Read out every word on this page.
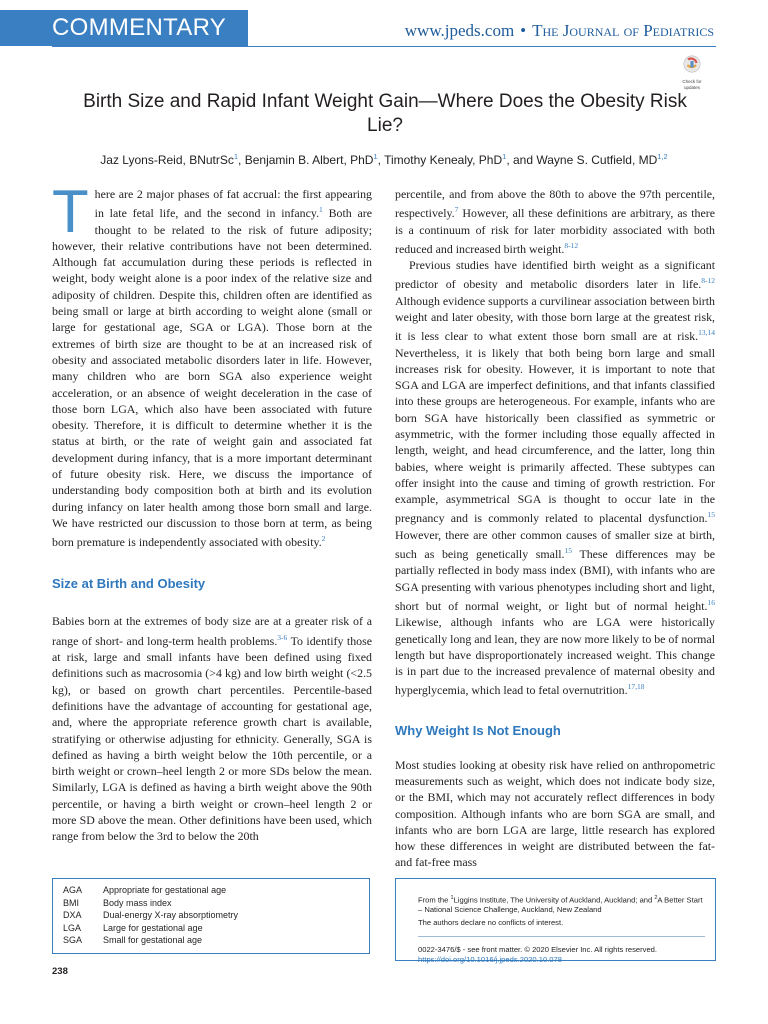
COMMENTARY	www.jpeds.com • The Journal of Pediatrics
Check for
updates
Birth Size and Rapid Infant Weight Gain—Where Does the Obesity Risk Lie?
Jaz Lyons-Reid, BNutrSc$^1$, Benjamin B. Albert, PhD$^1$, Timothy Kenealy, PhD$^1$, and Wayne S. Cutfield, MD$^{1,2}$

There are 2 major phases of fat accrual: the first appearing in late fetal life, and the second in infancy.$^1$ Both are thought to be related to the risk of future adiposity; however, their relative contributions have not been determined. Although fat accumulation during these periods is reflected in weight, body weight alone is a poor index of the relative size and adiposity of children. Despite this, children often are identified as being small or large at birth according to weight alone (small or large for gestational age, SGA or LGA). Those born at the extremes of birth size are thought to be at an increased risk of obesity and associated metabolic disorders later in life. However, many children who are born SGA also experience weight acceleration, or an absence of weight deceleration in the case of those born LGA, which also have been associated with future obesity. Therefore, it is difficult to determine whether it is the status at birth, or the rate of weight gain and associated fat development during infancy, that is a more important determinant of future obesity risk. Here, we discuss the importance of understanding body composition both at birth and its evolution during infancy on later health among those born small and large. We have restricted our discussion to those born at term, as being born premature is independently associated with obesity.$^2$

Size at Birth and Obesity

Babies born at the extremes of body size are at a greater risk of a range of short- and long-term health problems.$^{3-6}$ To identify those at risk, large and small infants have been defined using fixed definitions such as macrosomia (>4 kg) and low birth weight (<2.5 kg), or based on growth chart percentiles. Percentile-based definitions have the advantage of accounting for gestational age, and, where the appropriate reference growth chart is available, stratifying or otherwise adjusting for ethnicity. Generally, SGA is defined as having a birth weight below the 10th percentile, or a birth weight or crown–heel length 2 or more SDs below the mean. Similarly, LGA is defined as having a birth weight above the 90th percentile, or having a birth weight or crown–heel length 2 or more SD above the mean. Other definitions have been used, which range from below the 3rd to below the 20th

percentile, and from above the 80th to above the 97th percentile, respectively.$^7$ However, all these definitions are arbitrary, as there is a continuum of risk for later morbidity associated with both reduced and increased birth weight.$^{8-12}$

Previous studies have identified birth weight as a significant predictor of obesity and metabolic disorders later in life.$^{8-12}$ Although evidence supports a curvilinear association between birth weight and later obesity, with those born large at the greatest risk, it is less clear to what extent those born small are at risk.$^{13,14}$ Nevertheless, it is likely that both being born large and small increases risk for obesity. However, it is important to note that SGA and LGA are imperfect definitions, and that infants classified into these groups are heterogeneous. For example, infants who are born SGA have historically been classified as symmetric or asymmetric, with the former including those equally affected in length, weight, and head circumference, and the latter, long thin babies, where weight is primarily affected. These subtypes can offer insight into the cause and timing of growth restriction. For example, asymmetrical SGA is thought to occur late in the pregnancy and is commonly related to placental dysfunction.$^{15}$ However, there are other common causes of smaller size at birth, such as being genetically small.$^{15}$ These differences may be partially reflected in body mass index (BMI), with infants who are SGA presenting with various phenotypes including short and light, short but of normal weight, or light but of normal height.$^{16}$ Likewise, although infants who are LGA were historically genetically long and lean, they are now more likely to be of normal length but have disproportionately increased weight. This change is in part due to the increased prevalence of maternal obesity and hyperglycemia, which lead to fetal overnutrition.$^{17,18}$

Why Weight Is Not Enough

Most studies looking at obesity risk have relied on anthropometric measurements such as weight, which does not indicate body size, or the BMI, which may not accurately reflect differences in body composition. Although infants who are born SGA are small, and infants who are born LGA are large, little research has explored how these differences in weight are distributed between the fat- and fat-free mass

AGA	Appropriate for gestational age
BMI	Body mass index
DXA	Dual-energy X-ray absorptiometry
LGA	Large for gestational age
SGA	Small for gestational age
From the $^1$Liggins Institute, The University of Auckland, Auckland; and $^2$A Better Start – National Science Challenge, Auckland, New Zealand
The authors declare no conflicts of interest.
0022-3476/$ - see front matter. © 2020 Elsevier Inc. All rights reserved.
https://doi.org/10.1016/j.jpeds.2020.10.078
238
